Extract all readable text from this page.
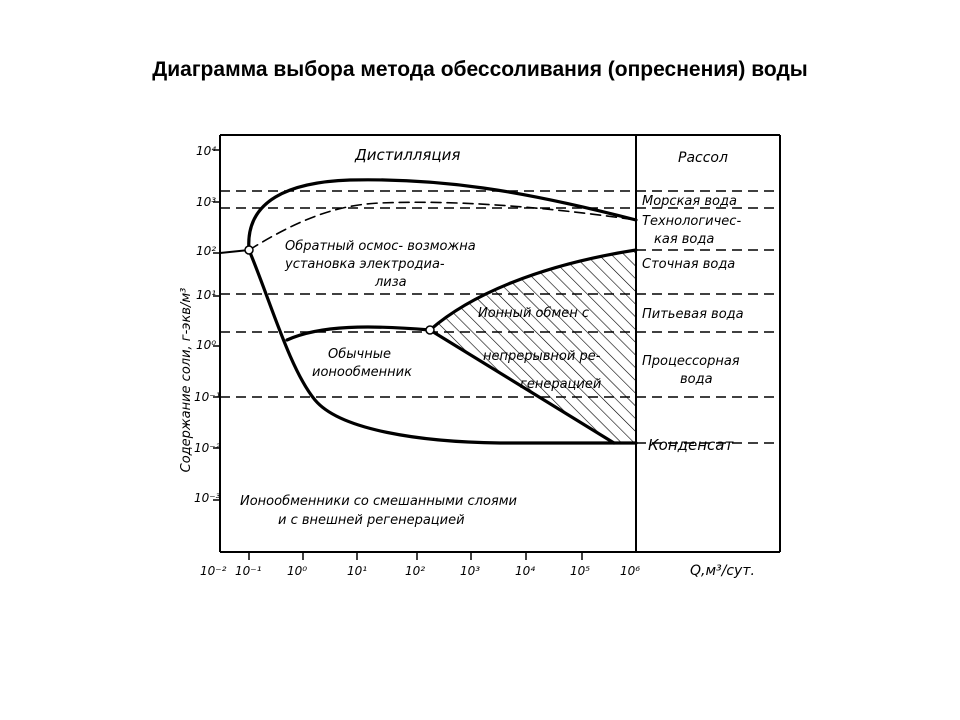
Диаграмма выбора метода обессоливания (опреснения) воды
10⁴
10³
10²
10¹
10⁰
10⁻¹
10⁻²
10⁻³
Содержание соли, г-экв/м³
10⁻² 10⁻¹ 10⁰	10¹	10²	10³	10⁴	10⁵ 10⁶	Q,м³/сут.
Дистилляция
Обратный осмос- возможна
установка электродиа-
лиза
Ионный обмен с
непрерывной ре-
генерацией
Обычные
ионообменник
Ионообменники со смешанными слоями
и с внешней регенерацией
Рассол
Морская вода
Технологичес-
кая вода
Сточная вода
Питьевая вода
Процессорная
вода
Конденсат
